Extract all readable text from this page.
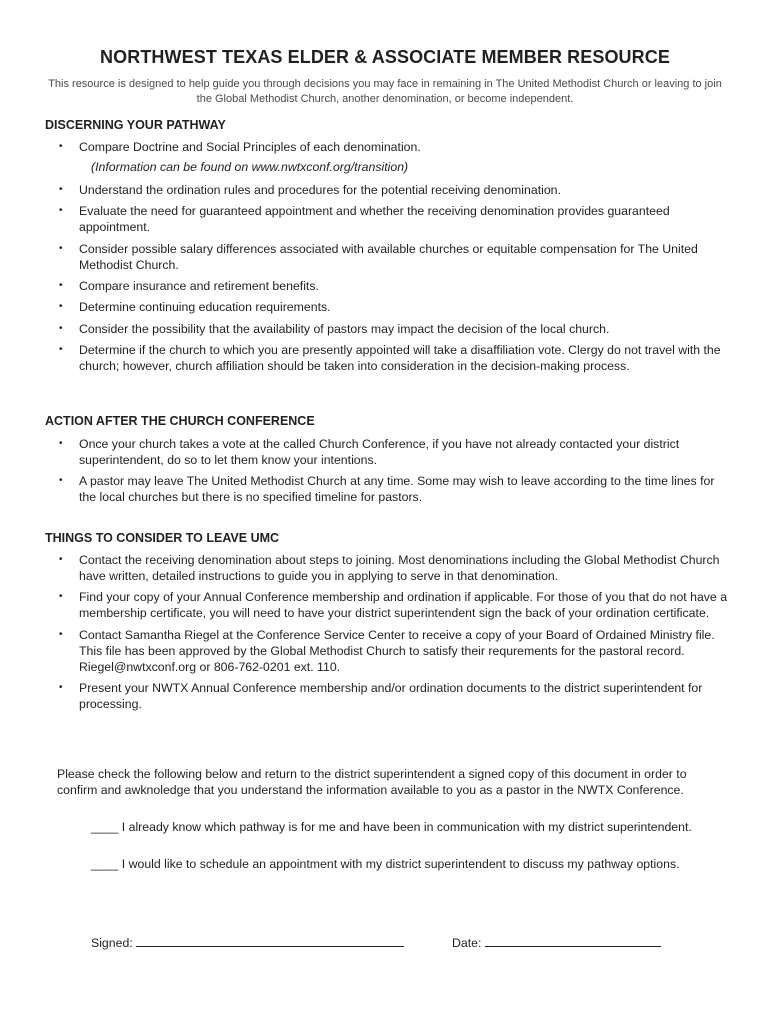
NORTHWEST TEXAS ELDER & ASSOCIATE MEMBER RESOURCE
This resource is designed to help guide you through decisions you may face in remaining in The United Methodist Church or leaving to join the Global Methodist Church, another denomination, or become independent.
DISCERNING YOUR PATHWAY
• Compare Doctrine and Social Principles of each denomination.
• Understand the ordination rules and procedures for the potential receiving denomination.
• Evaluate the need for guaranteed appointment and whether the receiving denomination provides guaranteed appointment.
• Consider possible salary differences associated with available churches or equitable compensation for The United Methodist Church.
• Compare insurance and retirement benefits.
• Determine continuing education requirements.
• Consider the possibility that the availability of pastors may impact the decision of the local church.
• Determine if the church to which you are presently appointed will take a disaffiliation vote. Clergy do not travel with the church; however, church affiliation should be taken into consideration in the decision-making process.
(Information can be found on www.nwtxconf.org/transition)
ACTION AFTER THE CHURCH CONFERENCE
• Once your church takes a vote at the called Church Conference, if you have not already contacted your district superintendent, do so to let them know your intentions.
• A pastor may leave The United Methodist Church at any time. Some may wish to leave according to the time lines for the local churches but there is no specified timeline for pastors.
THINGS TO CONSIDER TO LEAVE UMC
• Contact the receiving denomination about steps to joining. Most denominations including the Global Methodist Church have written, detailed instructions to guide you in applying to serve in that denomination.
• Find your copy of your Annual Conference membership and ordination if applicable. For those of you that do not have a membership certificate, you will need to have your district superintendent sign the back of your ordination certificate.
• Contact Samantha Riegel at the Conference Service Center to receive a copy of your Board of Ordained Ministry file. This file has been approved by the Global Methodist Church to satisfy their requrements for the pastoral record. Riegel@nwtxconf.org or 806-762-0201 ext. 110.
• Present your NWTX Annual Conference membership and/or ordination documents to the district superintendent for processing.
Please check the following below and return to the district superintendent a signed copy of this document in order to confirm and awknoledge that you understand the information available to you as a pastor in the NWTX Conference.
____ I already know which pathway is for me and have been in communication with my district superintendent.
____ I would like to schedule an appointment with my district superintendent to discuss my pathway options.
Signed:	Date:
